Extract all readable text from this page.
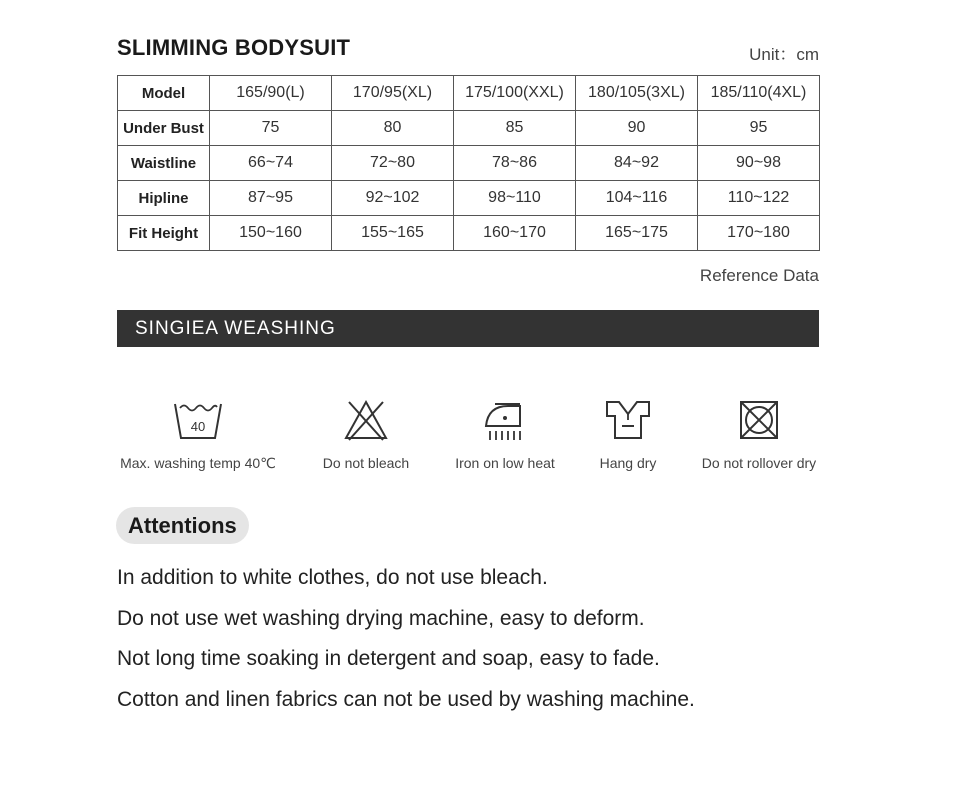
SLIMMING BODYSUIT	Unit：cm
Model	165/90(L)	170/95(XL)	175/100(XXL)	180/105(3XL)	185/110(4XL)
Under Bust	75	80	85	90	95
Waistline	66~74	72~80	78~86	84~92	90~98
Hipline	87~95	92~102	98~110	104~116	110~122
Fit Height	150~160	155~165	160~170	165~175	170~180
Reference Data
SINGIEA WEASHING
40
Max. washing temp 40℃	Do not bleach	Iron on low heat	Hang dry	Do not rollover dry
Attentions
In addition to white clothes, do not use bleach.
Do not use wet washing drying machine, easy to deform.
Not long time soaking in detergent and soap, easy to fade.
Cotton and linen fabrics can not be used by washing machine.
